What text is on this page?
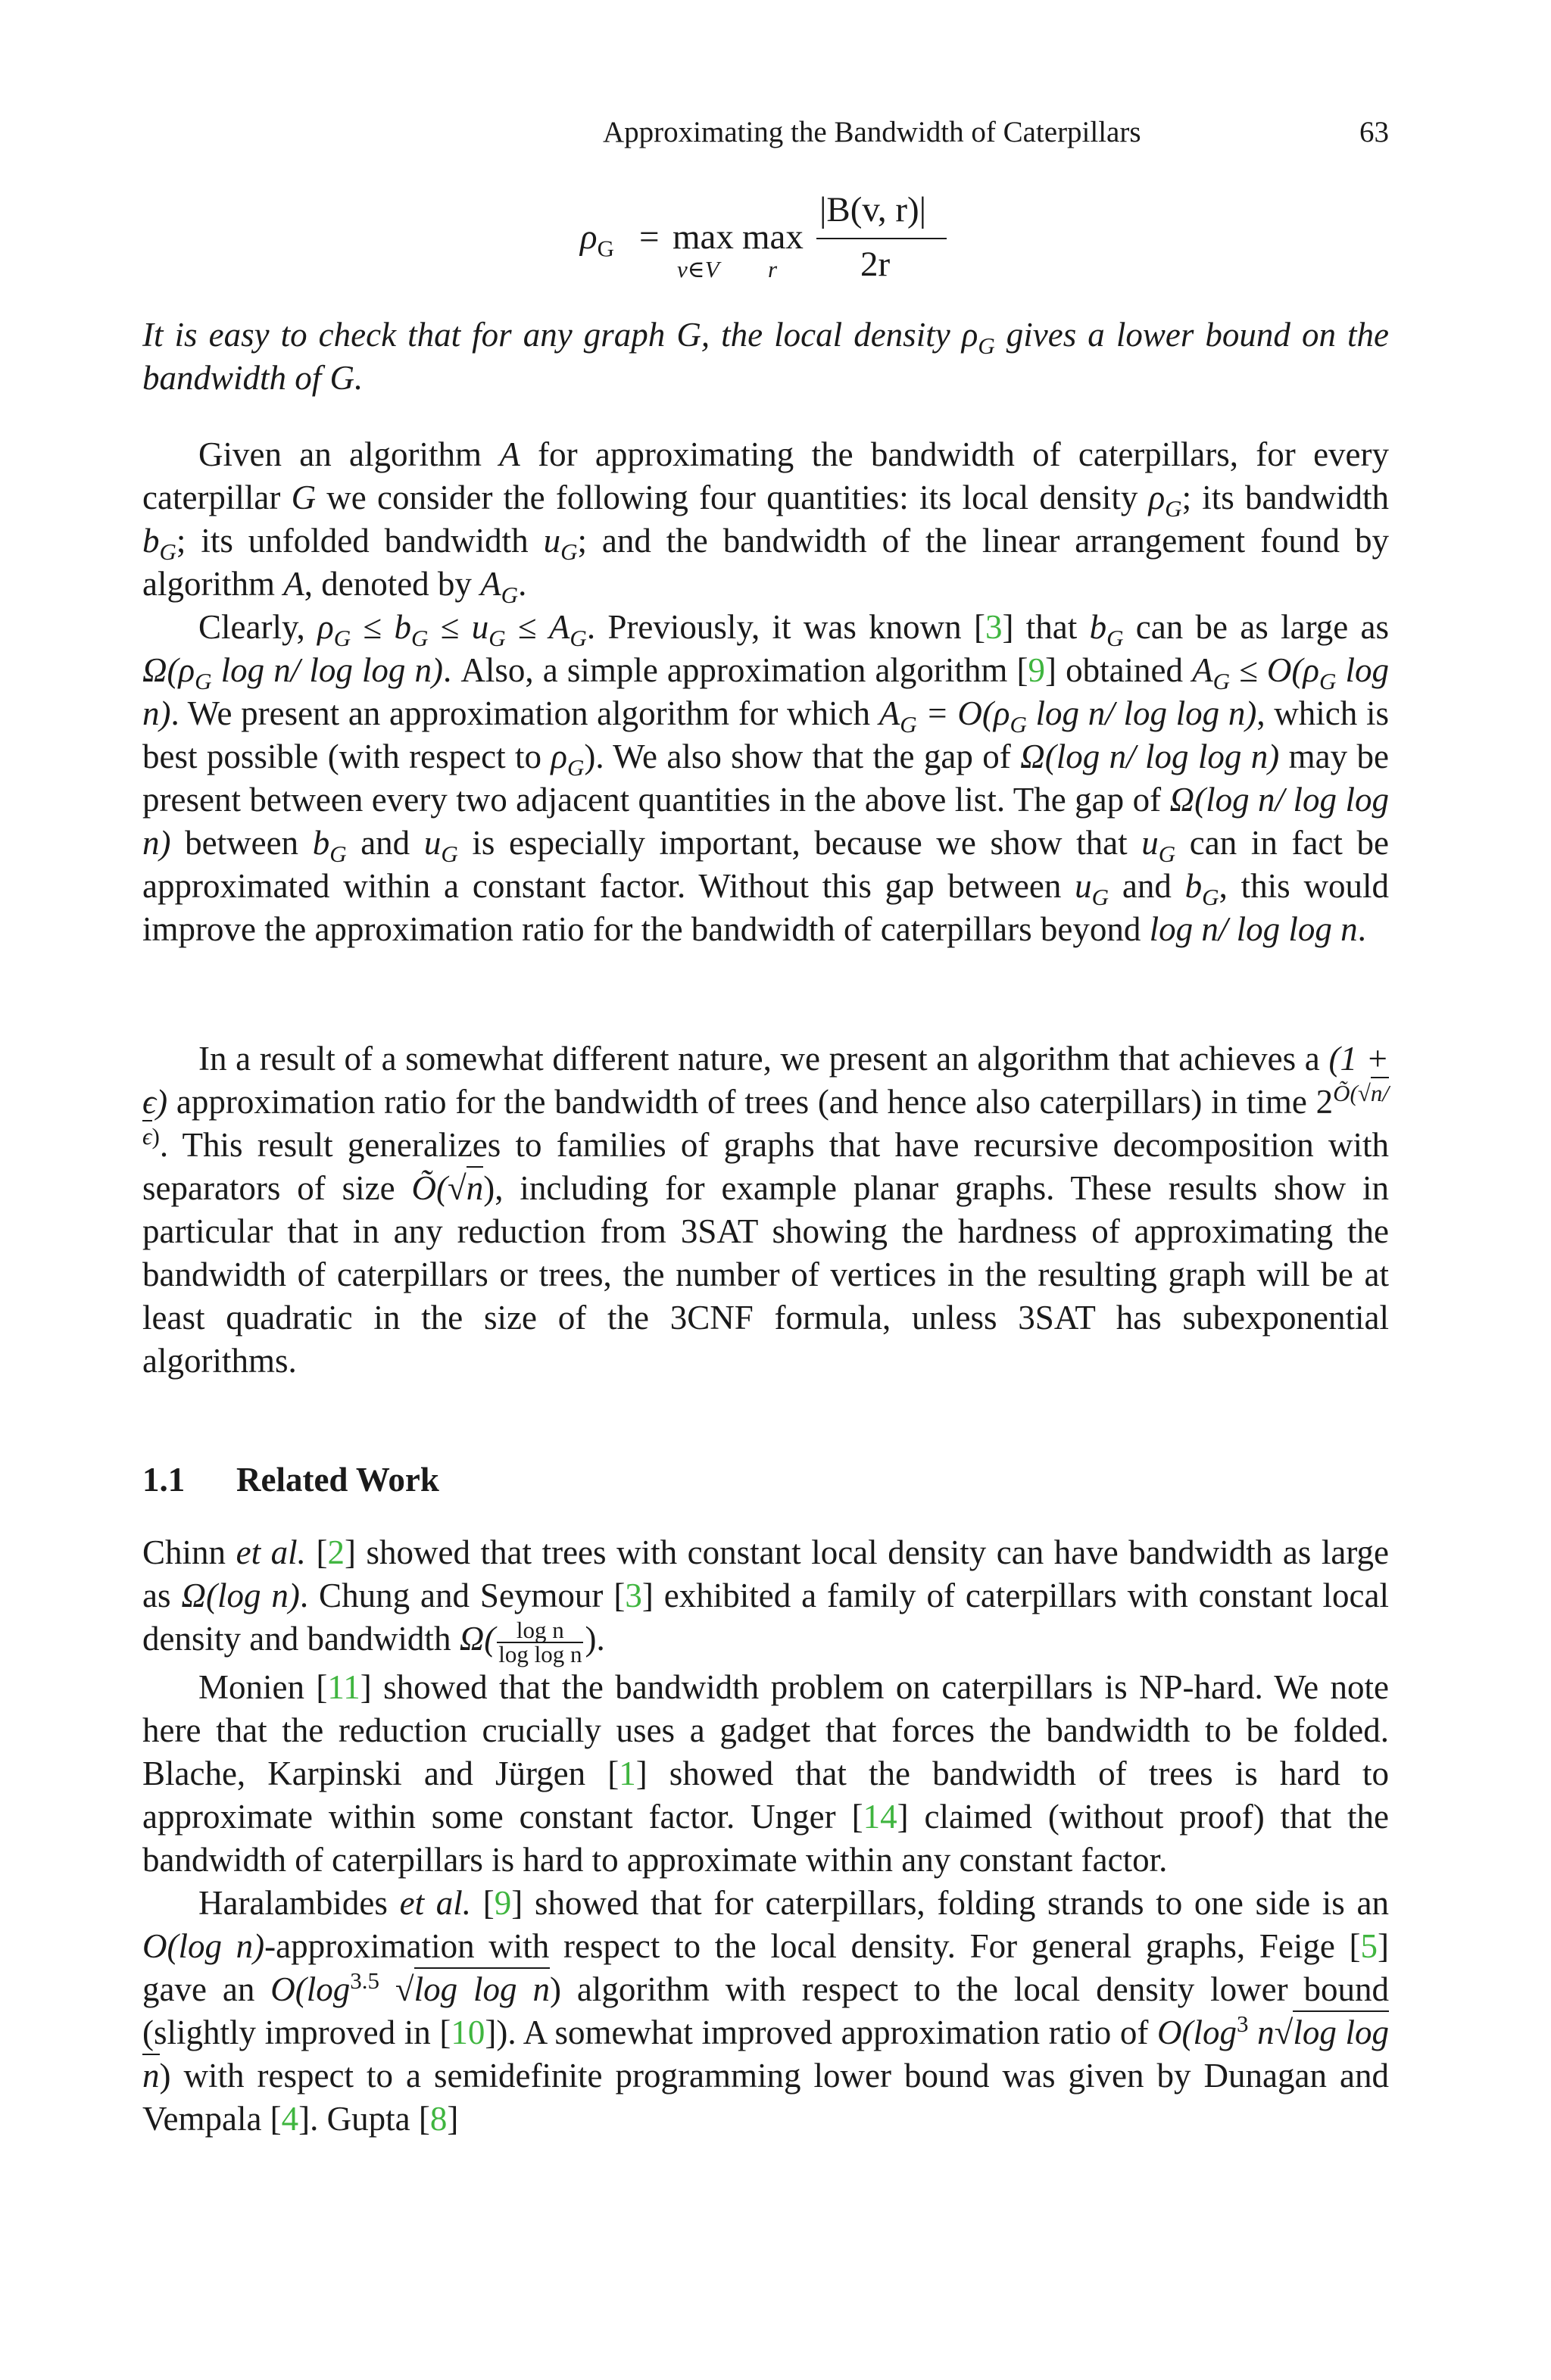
Approximating the Bandwidth of Caterpillars	63
$\rho_G = \max$
v∈V
max
r
|B(v, r)|
2r

It is easy to check that for any graph G, the local density $\rho_G$ gives a lower bound on the bandwidth of G.

Given an algorithm A for approximating the bandwidth of caterpillars, for every caterpillar G we consider the following four quantities: its local density $\rho_G$; its bandwidth $b_G$; its unfolded bandwidth $u_G$; and the bandwidth of the linear arrangement found by algorithm A, denoted by $A_G$.

Clearly, $\rho_G \le b_G \le u_G \le A_G$. Previously, it was known [3] that $b_G$ can be as large as $\Omega(\rho_G$ log n/ log log n). Also, a simple approximation algorithm [9] obtained $A_G \le O(\rho_G$ log n). We present an approximation algorithm for which $A_G = O(\rho_G$ log n/ log log n), which is best possible (with respect to $\rho_G$). We also show that the gap of Ω(log n/ log log n) may be present between every two adjacent quantities in the above list. The gap of Ω(log n/ log log n) between $b_G$ and $u_G$ is especially important, because we show that $u_G$ can in fact be approximated within a constant factor. Without this gap between $u_G$ and $b_G$, this would improve the approximation ratio for the bandwidth of caterpillars beyond log n/ log log n.

In a result of a somewhat different nature, we present an algorithm that achieves a (1 + ϵ) approximation ratio for the bandwidth of trees (and hence also caterpillars) in time $2^{Õ(√n/\epsilon)}$. This result generalizes to families of graphs that have recursive decomposition with separators of size Õ(√n), including for example planar graphs. These results show in particular that in any reduction from 3SAT showing the hardness of approximating the bandwidth of caterpillars or trees, the number of vertices in the resulting graph will be at least quadratic in the size of the 3CNF formula, unless 3SAT has subexponential algorithms.

1.1 Related Work

Chinn et al. [2] showed that trees with constant local density can have bandwidth as large as Ω(log n). Chung and Seymour [3] exhibited a family of caterpillars with constant local density and bandwidth $\Omega( \frac{\text{log n}}{\text{log log n}}$ ).

Monien [11] showed that the bandwidth problem on caterpillars is NP-hard. We note here that the reduction crucially uses a gadget that forces the bandwidth to be folded. Blache, Karpinski and Jürgen [1] showed that the bandwidth of trees is hard to approximate within some constant factor. Unger [14] claimed (without proof) that the bandwidth of caterpillars is hard to approximate within any constant factor.

Haralambides et al. [9] showed that for caterpillars, folding strands to one side is an O(log n)-approximation with respect to the local density. For general graphs, Feige [5] gave an $O(\log^{3.5}$ √log log n) algorithm with respect to the local density lower bound (slightly improved in [10]). A somewhat improved approximation ratio of $O(\log^3$ n√log log n) with respect to a semidefinite programming lower bound was given by Dunagan and Vempala [4]. Gupta [8]
